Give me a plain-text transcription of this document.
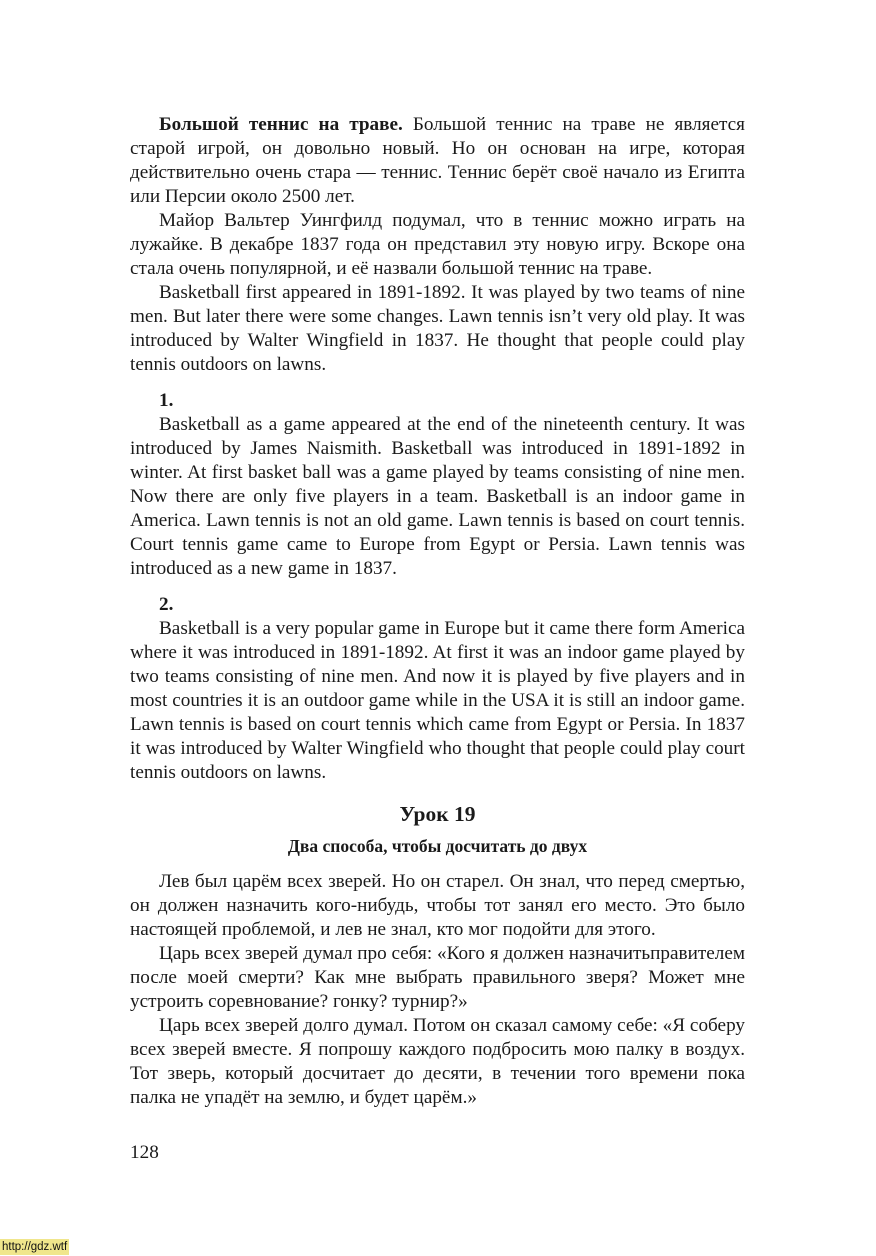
Большой теннис на траве. Большой теннис на траве не является старой игрой, он довольно новый. Но он основан на игре, которая действительно очень стара — теннис. Теннис берёт своё начало из Египта или Персии около 2500 лет.

Майор Вальтер Уингфилд подумал, что в теннис можно играть на лужайке. В декабре 1837 года он представил эту новую игру. Вскоре она стала очень популярной, и её назвали большой теннис на траве.

Basketball first appeared in 1891-1892. It was played by two teams of nine men. But later there were some changes. Lawn tennis isn’t very old play. It was introduced by Walter Wingfield in 1837. He thought that people could play tennis outdoors on lawns.

1.

Basketball as a game appeared at the end of the nineteenth century. It was introduced by James Naismith. Basketball was introduced in 1891-1892 in winter. At first basket ball was a game played by teams consisting of nine men. Now there are only five players in a team. Basketball is an indoor game in America. Lawn tennis is not an old game. Lawn tennis is based on court tennis. Court tennis game came to Europe from Egypt or Persia. Lawn tennis was introduced as a new game in 1837.

2.

Basketball is a very popular game in Europe but it came there form America where it was introduced in 1891-1892. At first it was an indoor game played by two teams consisting of nine men. And now it is played by five players and in most countries it is an outdoor game while in the USA it is still an indoor game. Lawn tennis is based on court tennis which came from Egypt or Persia. In 1837 it was introduced by Walter Wingfield who thought that people could play court tennis outdoors on lawns.

Урок 19
Два способа, чтобы досчитать до двух

Лев был царём всех зверей. Но он старел. Он знал, что перед смертью, он должен назначить кого-нибудь, чтобы тот занял его место. Это было настоящей проблемой, и лев не знал, кто мог подойти для этого.

Царь всех зверей думал про себя: «Кого я должен назначитьправителем после моей смерти? Как мне выбрать правильного зверя? Может мне устроить соревнование? гонку? турнир?»

Царь всех зверей долго думал. Потом он сказал самому себе: «Я соберу всех зверей вместе. Я попрошу каждого подбросить мою палку в воздух. Тот зверь, который досчитает до десяти, в течении того времени пока палка не упадёт на землю, и будет царём.»

128
http://gdz.wtf
